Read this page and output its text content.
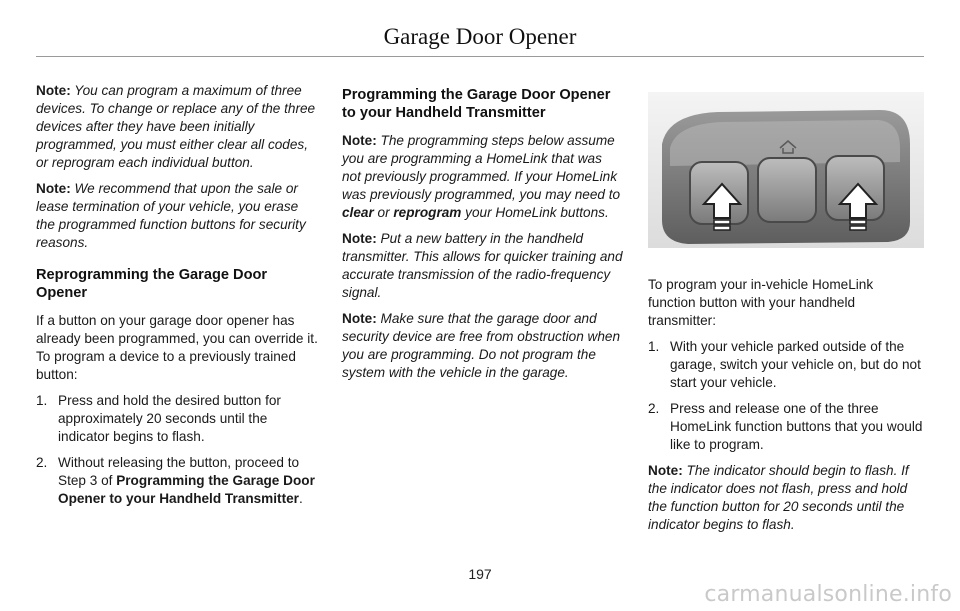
Garage Door Opener

Note: You can program a maximum of three devices. To change or replace any of the three devices after they have been initially programmed, you must either clear all codes, or reprogram each individual button.

Note: We recommend that upon the sale or lease termination of your vehicle, you erase the programmed function buttons for security reasons.

Reprogramming the Garage Door Opener

If a button on your garage door opener has already been programmed, you can override it. To program a device to a previously trained button:

1. Press and hold the desired button for approximately 20 seconds until the indicator begins to flash.
2. Without releasing the button, proceed to Step 3 of Programming the Garage Door Opener to your Handheld Transmitter.
Programming the Garage Door Opener to your Handheld Transmitter

Note: The programming steps below assume you are programming a HomeLink that was not previously programmed. If your HomeLink was previously programmed, you may need to clear or reprogram your HomeLink buttons.

Note: Put a new battery in the handheld transmitter. This allows for quicker training and accurate transmission of the radio-frequency signal.

Note: Make sure that the garage door and security device are free from obstruction when you are programming. Do not program the system with the vehicle in the garage.

To program your in-vehicle HomeLink function button with your handheld transmitter:

1. With your vehicle parked outside of the garage, switch your vehicle on, but do not start your vehicle.
2. Press and release one of the three HomeLink function buttons that you would like to program.

Note: The indicator should begin to flash. If the indicator does not flash, press and hold the function button for 20 seconds until the indicator begins to flash.

197
carmanualsonline.info
